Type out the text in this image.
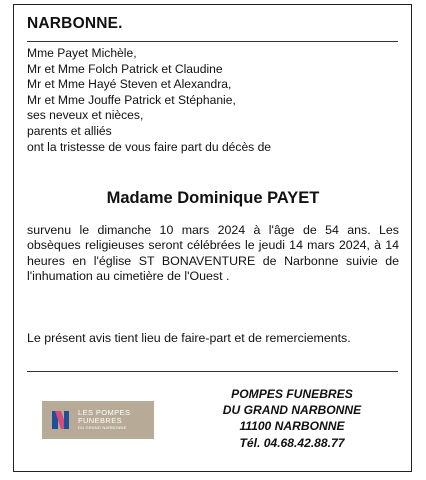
NARBONNE.
Mme Payet Michèle,
Mr et Mme Folch Patrick et Claudine
Mr et Mme Hayé Steven et Alexandra,
Mr et Mme Jouffe Patrick et Stéphanie,
ses neveux et nièces,
parents et alliés
ont la tristesse de vous faire part du décès de
Madame Dominique PAYET
survenu le dimanche 10 mars 2024 à l'âge de 54 ans. Les obsèques religieuses seront célébrées le jeudi 14 mars 2024, à 14 heures en l'église ST BONAVENTURE de Narbonne suivie de l'inhumation au cimetière de l'Ouest .
Le présent avis tient lieu de faire-part et de remerciements.
LES POMPES
FUNEBRES
DU GRAND NARBONNE
POMPES FUNEBRES
DU GRAND NARBONNE
11100 NARBONNE
Tél. 04.68.42.88.77
